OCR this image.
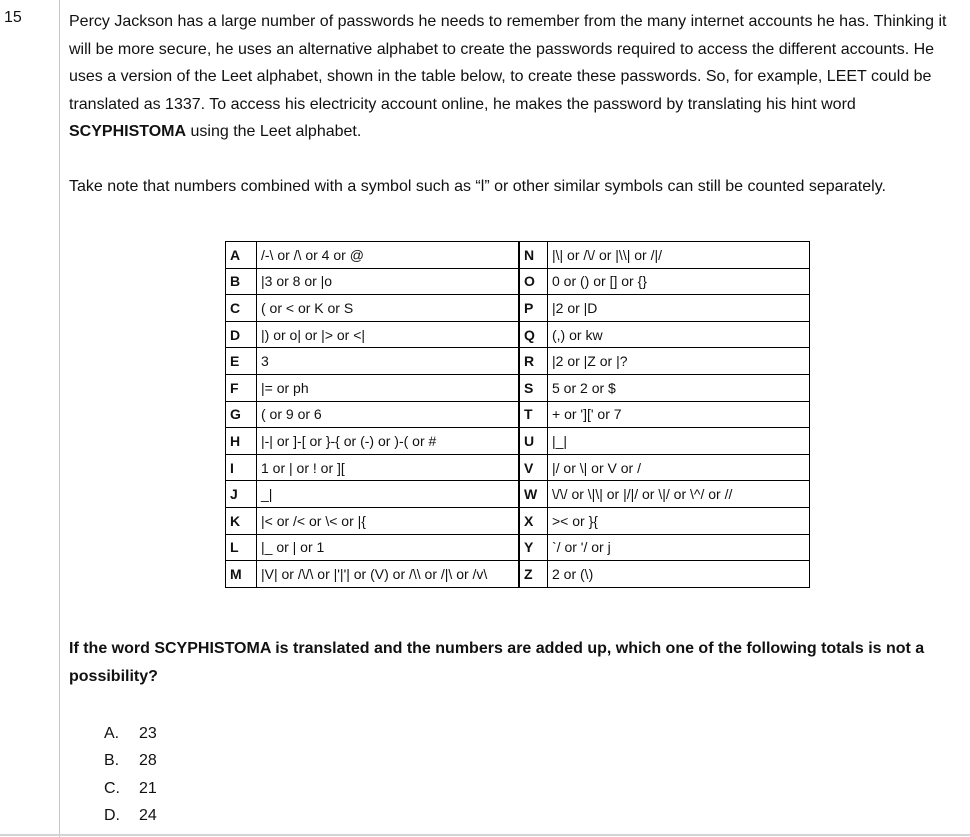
15	Percy Jackson has a large number of passwords he needs to remember from the many internet accounts he has. Thinking it will be more secure, he uses an alternative alphabet to create the passwords required to access the different accounts. He uses a version of the Leet alphabet, shown in the table below, to create these passwords. So, for example, LEET could be translated as 1337. To access his electricity account online, he makes the password by translating his hint word SCYPHISTOMA using the Leet alphabet.

Take note that numbers combined with a symbol such as “l” or other similar symbols can still be counted separately.

A	/-\ or /\ or 4 or @	N	|\| or /\/ or |\\| or /|/
B	|3 or 8 or |o	O	0 or () or [] or {}
C	( or < or K or S	P	|2 or |D
D	|) or o| or |> or <|	Q	(,) or kw
E	3	R	|2 or |Z or |?
F	|= or ph	S	5 or 2 or $
G	( or 9 or 6	T	+ or '][' or 7
H	|-| or ]-[ or }-{ or (-) or )-( or #	U	|_|
I	1 or | or ! or ][	V	|/ or \| or V or /
J	_|	W	\/\/ or \|\| or |/|/ or \|/ or \^/ or //
K	|< or /< or \< or |{	X	>< or }{
L	|_ or | or 1	Y	`/ or '/ or j
M	|V| or /\/\ or |'|'| or (V) or /\\ or /|\ or /v\	Z	2 or (\)

If the word SCYPHISTOMA is translated and the numbers are added up, which one of the following totals is not a possibility?

A. 23
B. 28
C. 21
D. 24
